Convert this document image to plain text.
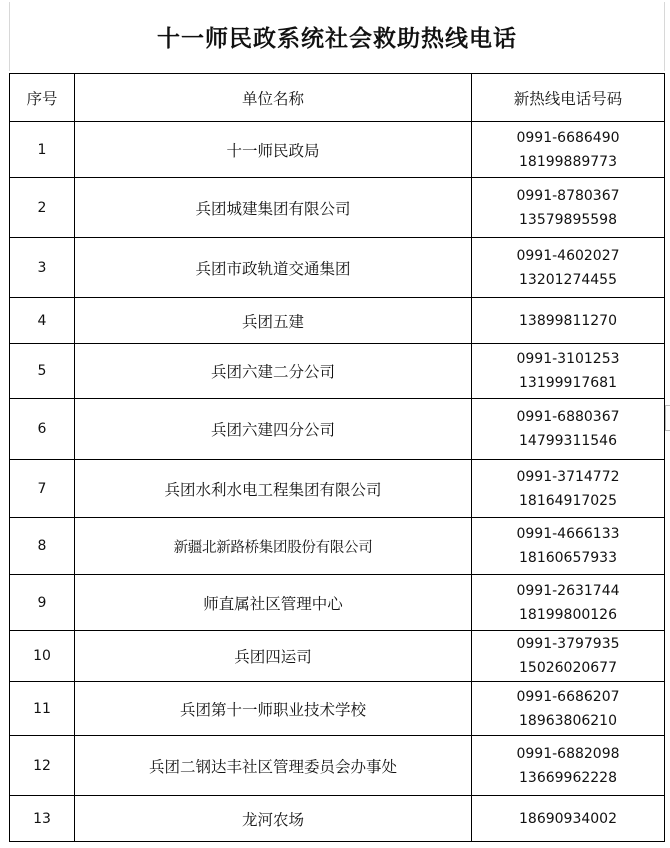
十一师民政系统社会救助热线电话
序号	单位名称	新热线电话号码
1	十一师民政局	0991-6686490
18199889773

2	兵团城建集团有限公司	0991-8780367
13579895598

3	兵团市政轨道交通集团	0991-4602027
13201274455

4	兵团五建	13899811270

5	兵团六建二分公司	0991-3101253
13199917681

6	兵团六建四分公司	0991-6880367
14799311546

7	兵团水利水电工程集团有限公司	0991-3714772
18164917025

8	新疆北新路桥集团股份有限公司	0991-4666133
18160657933

9	师直属社区管理中心	0991-2631744
18199800126

10	兵团四运司	0991-3797935
15026020677

11	兵团第十一师职业技术学校	0991-6686207
18963806210

12	兵团二钢达丰社区管理委员会办事处	0991-6882098
13669962228

13	龙河农场	18690934002
